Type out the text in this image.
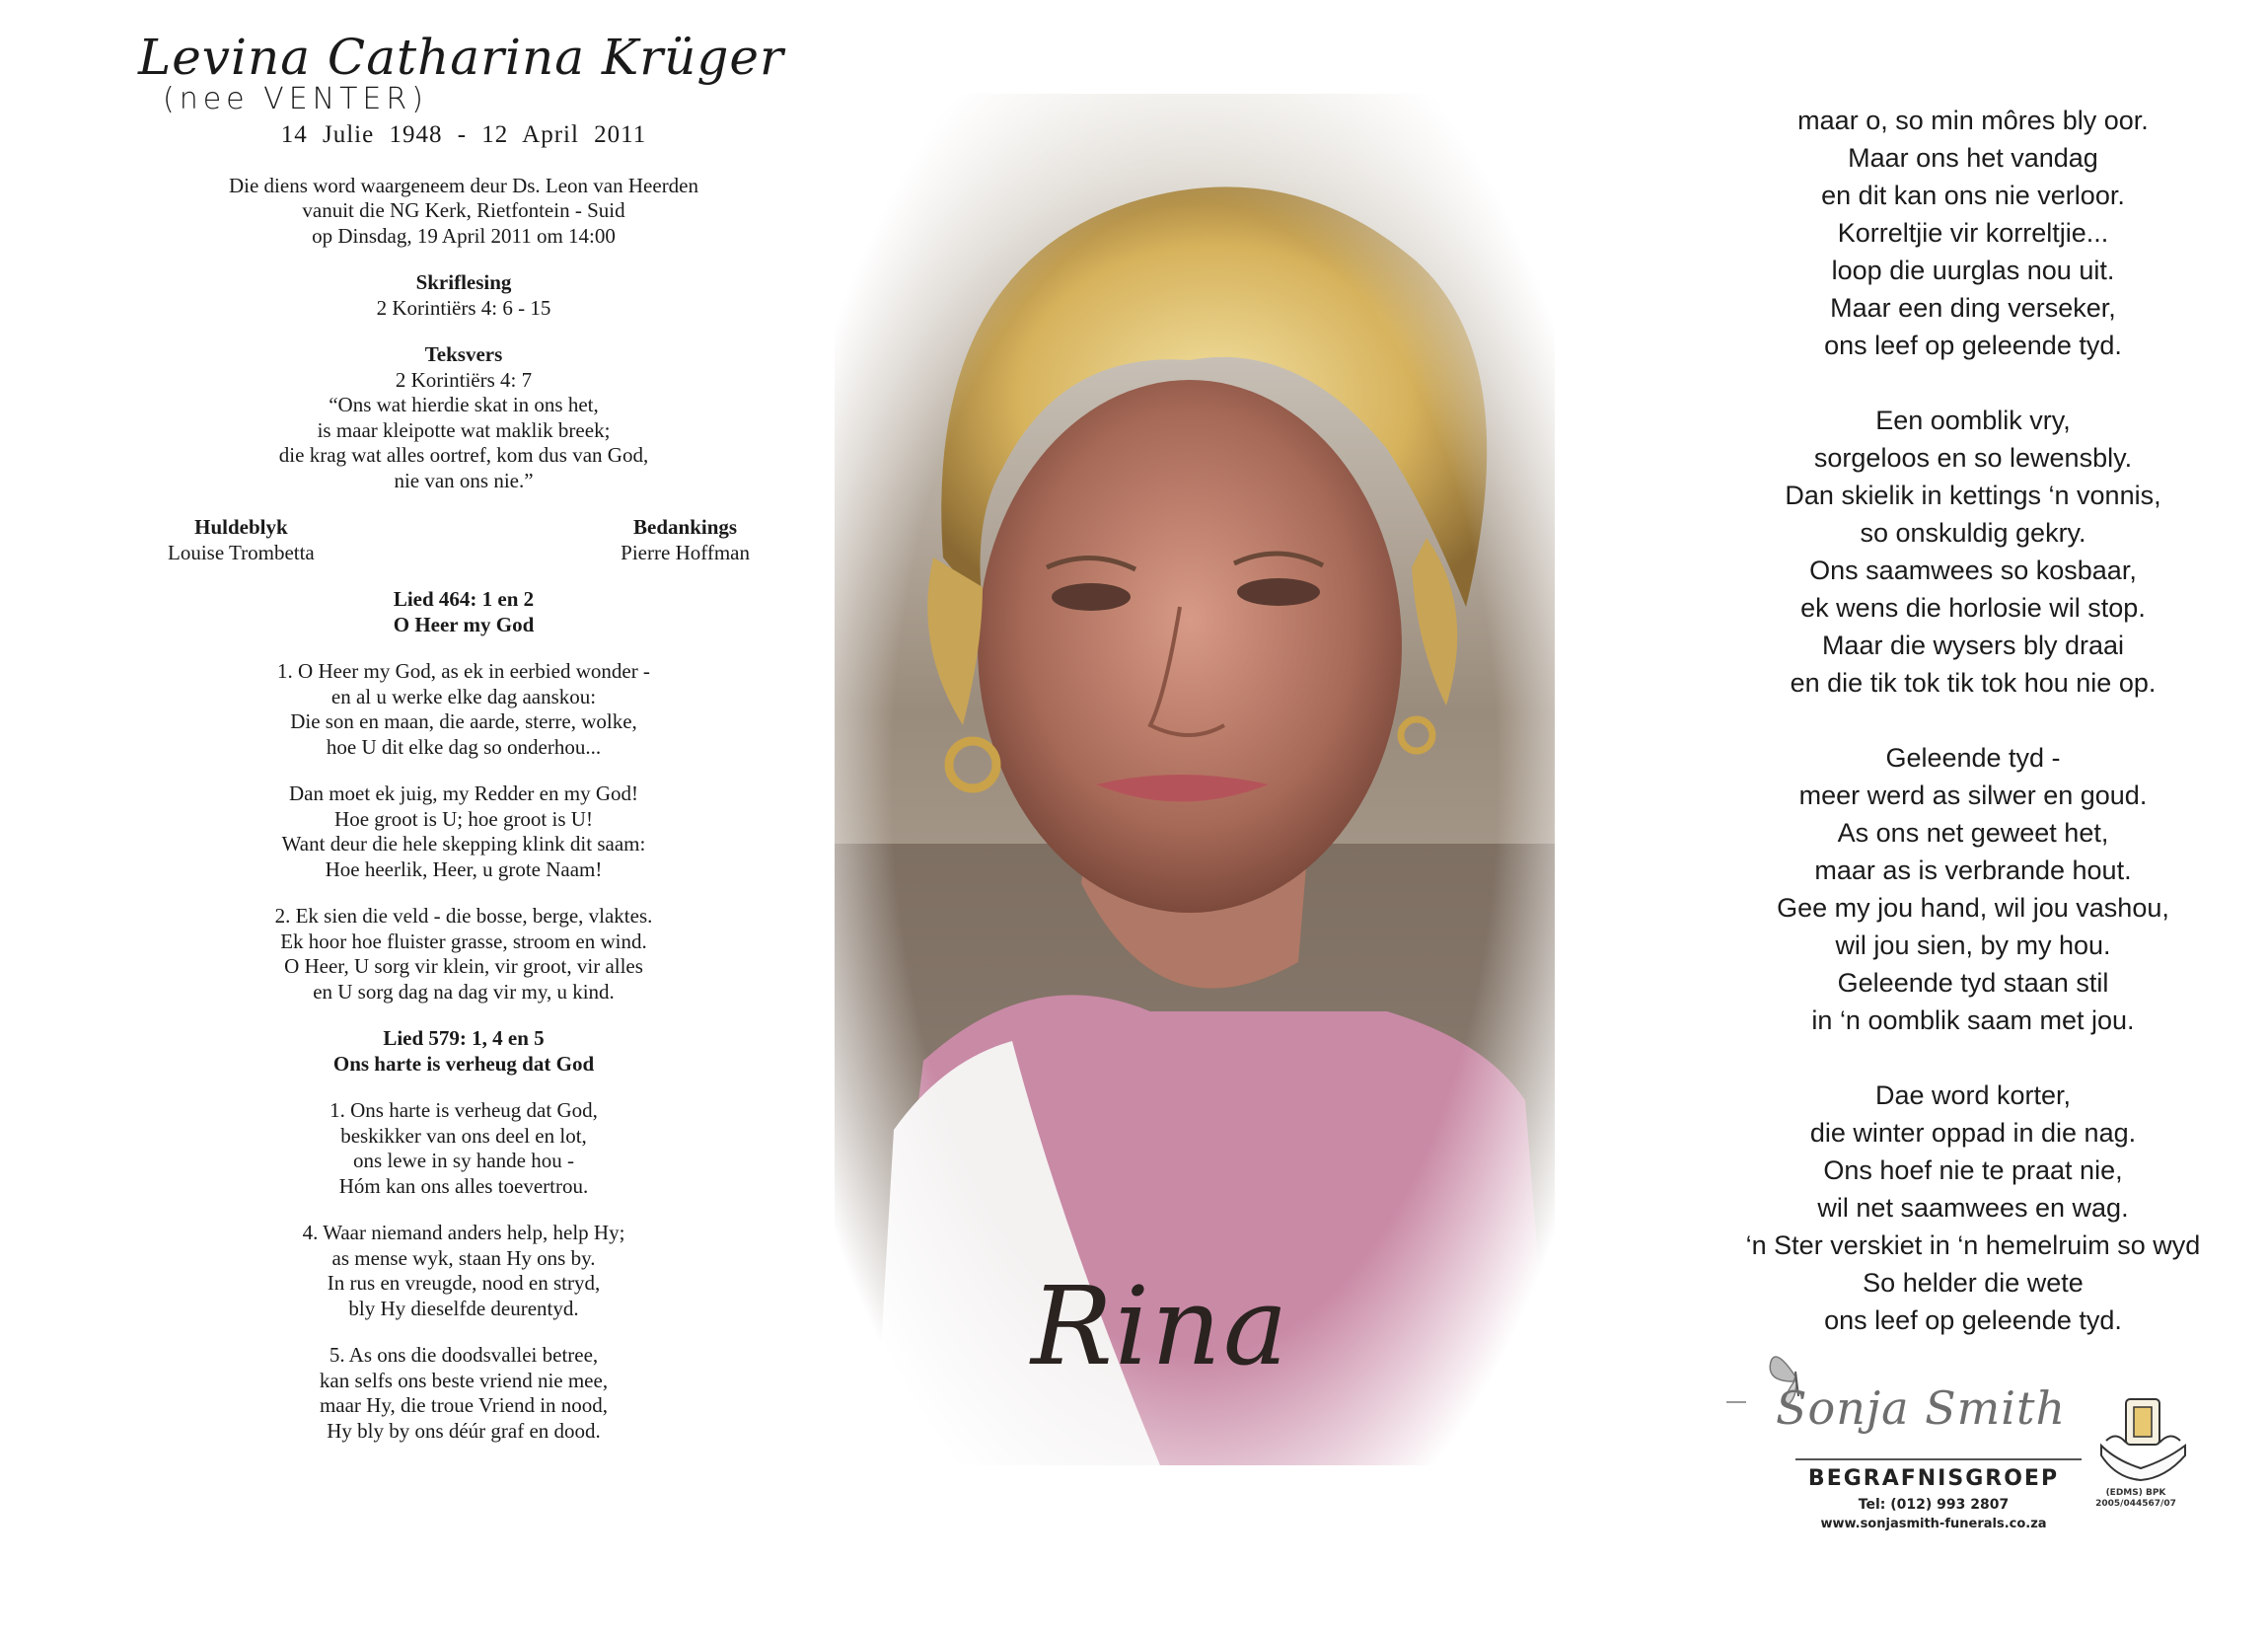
Levina Catharina Krüger
(nee VENTER)
14 Julie 1948 - 12 April 2011
Die diens word waargeneem deur Ds. Leon van Heerden
vanuit die NG Kerk, Rietfontein - Suid
op Dinsdag, 19 April 2011 om 14:00
Skriflesing
2 Korintiërs 4: 6 - 15
Teksvers
2 Korintiërs 4: 7
“Ons wat hierdie skat in ons het,
is maar kleipotte wat maklik breek;
die krag wat alles oortref, kom dus van God,
nie van ons nie.”
Huldeblyk
Louise Trombetta
Bedankings
Pierre Hoffman
Lied 464: 1 en 2
O Heer my God
1. O Heer my God, as ek in eerbied wonder -
en al u werke elke dag aanskou:
Die son en maan, die aarde, sterre, wolke,
hoe U dit elke dag so onderhou...
Dan moet ek juig, my Redder en my God!
Hoe groot is U; hoe groot is U!
Want deur die hele skepping klink dit saam:
Hoe heerlik, Heer, u grote Naam!
2. Ek sien die veld - die bosse, berge, vlaktes.
Ek hoor hoe fluister grasse, stroom en wind.
O Heer, U sorg vir klein, vir groot, vir alles
en U sorg dag na dag vir my, u kind.
Lied 579: 1, 4 en 5
Ons harte is verheug dat God
1. Ons harte is verheug dat God,
beskikker van ons deel en lot,
ons lewe in sy hande hou -
Hóm kan ons alles toevertrou.
4. Waar niemand anders help, help Hy;
as mense wyk, staan Hy ons by.
In rus en vreugde, nood en stryd,
bly Hy dieselfde deurentyd.
5. As ons die doodsvallei betree,
kan selfs ons beste vriend nie mee,
maar Hy, die troue Vriend in nood,
Hy bly by ons déúr graf en dood.
Rina
maar o, so min môres bly oor.
Maar ons het vandag
en dit kan ons nie verloor.
Korreltjie vir korreltjie...
loop die uurglas nou uit.
Maar een ding verseker,
ons leef op geleende tyd.
Een oomblik vry,
sorgeloos en so lewensbly.
Dan skielik in kettings ‘n vonnis,
so onskuldig gekry.
Ons saamwees so kosbaar,
ek wens die horlosie wil stop.
Maar die wysers bly draai
en die tik tok tik tok hou nie op.
Geleende tyd -
meer werd as silwer en goud.
As ons net geweet het,
maar as is verbrande hout.
Gee my jou hand, wil jou vashou,
wil jou sien, by my hou.
Geleende tyd staan stil
in ‘n oomblik saam met jou.
Dae word korter,
die winter oppad in die nag.
Ons hoef nie te praat nie,
wil net saamwees en wag.
‘n Ster verskiet in ‘n hemelruim so wyd
So helder die wete
ons leef op geleende tyd.
Sonja Smith
BEGRAFNISGROEP
Tel: (012) 993 2807
www.sonjasmith-funerals.co.za
(EDMS) BPK
2005/044567/07
